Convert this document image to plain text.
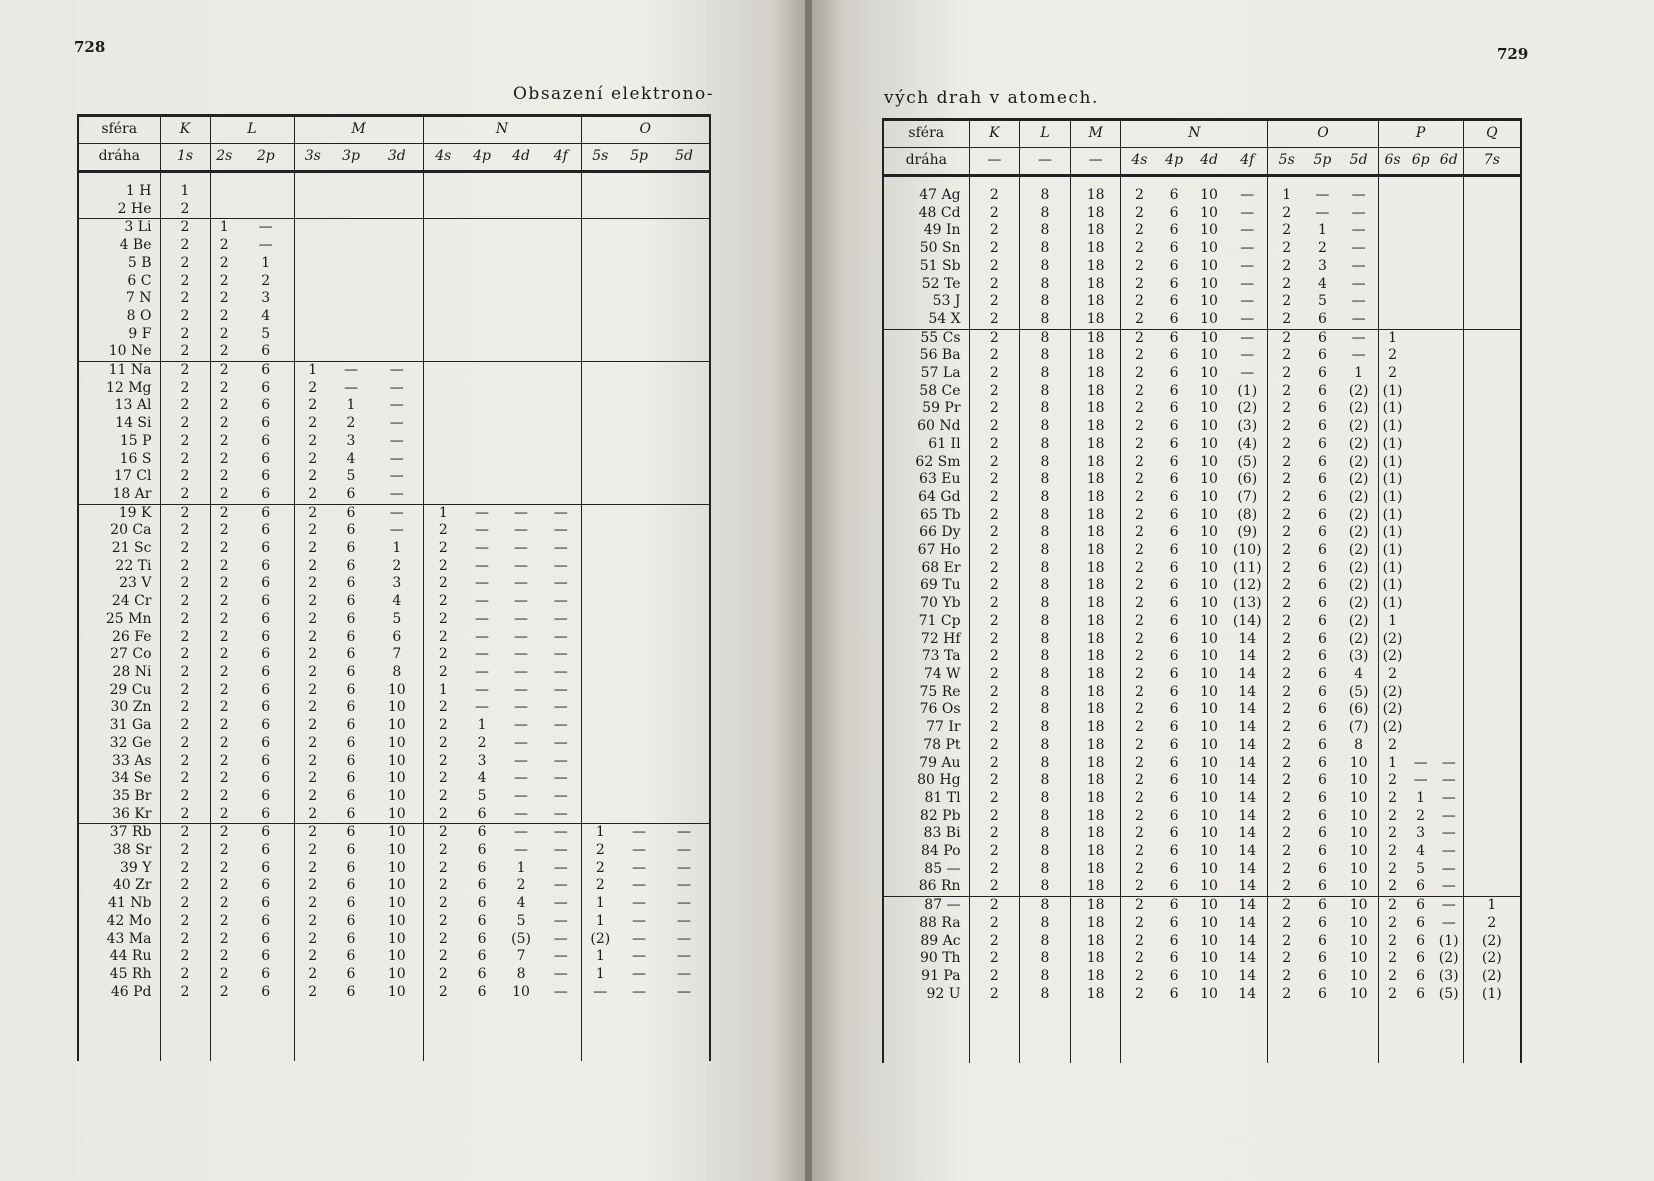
728
Obsazení elektrono-
sféra	K	L		M			N				O		
dráha	1s	2s	2p	3s	3p	3d	4s	4p	4d	4f	5s	5p	5d

1 H	1												
2 He	2												
3 Li	2	1	—										
4 Be	2	2	—										
5 B	2	2	1										
6 C	2	2	2										
7 N	2	2	3										
8 O	2	2	4										
9 F	2	2	5										
10 Ne	2	2	6										
11 Na	2	2	6	1	—	—							
12 Mg	2	2	6	2	—	—							
13 Al	2	2	6	2	1	—							
14 Si	2	2	6	2	2	—							
15 P	2	2	6	2	3	—							
16 S	2	2	6	2	4	—							
17 Cl	2	2	6	2	5	—							
18 Ar	2	2	6	2	6	—							
19 K	2	2	6	2	6	—	1	—	—	—			
20 Ca	2	2	6	2	6	—	2	—	—	—			
21 Sc	2	2	6	2	6	1	2	—	—	—			
22 Ti	2	2	6	2	6	2	2	—	—	—			
23 V	2	2	6	2	6	3	2	—	—	—			
24 Cr	2	2	6	2	6	4	2	—	—	—			
25 Mn	2	2	6	2	6	5	2	—	—	—			
26 Fe	2	2	6	2	6	6	2	—	—	—			
27 Co	2	2	6	2	6	7	2	—	—	—			
28 Ni	2	2	6	2	6	8	2	—	—	—			
29 Cu	2	2	6	2	6	10	1	—	—	—			
30 Zn	2	2	6	2	6	10	2	—	—	—			
31 Ga	2	2	6	2	6	10	2	1	—	—			
32 Ge	2	2	6	2	6	10	2	2	—	—			
33 As	2	2	6	2	6	10	2	3	—	—			
34 Se	2	2	6	2	6	10	2	4	—	—			
35 Br	2	2	6	2	6	10	2	5	—	—			
36 Kr	2	2	6	2	6	10	2	6	—	—			
37 Rb	2	2	6	2	6	10	2	6	—	—	1	—	—
38 Sr	2	2	6	2	6	10	2	6	—	—	2	—	—
39 Y	2	2	6	2	6	10	2	6	1	—	2	—	—
40 Zr	2	2	6	2	6	10	2	6	2	—	2	—	—
41 Nb	2	2	6	2	6	10	2	6	4	—	1	—	—
42 Mo	2	2	6	2	6	10	2	6	5	—	1	—	—
43 Ma	2	2	6	2	6	10	2	6	(5)	—	(2)	—	—
44 Ru	2	2	6	2	6	10	2	6	7	—	1	—	—
45 Rh	2	2	6	2	6	10	2	6	8	—	1	—	—
46 Pd	2	2	6	2	6	10	2	6	10	—	—	—	—

729
vých drah v atomech.
sféra	K	L	M	N				O			P			Q
dráha	—	—	—	4s	4p	4d	4f	5s	5p	5d	6s	6p	6d	7s

47 Ag	2	8	18	2	6	10	—	1	—	—				
48 Cd	2	8	18	2	6	10	—	2	—	—				
49 In	2	8	18	2	6	10	—	2	1	—				
50 Sn	2	8	18	2	6	10	—	2	2	—				
51 Sb	2	8	18	2	6	10	—	2	3	—				
52 Te	2	8	18	2	6	10	—	2	4	—				
53 J	2	8	18	2	6	10	—	2	5	—				
54 X	2	8	18	2	6	10	—	2	6	—				
55 Cs	2	8	18	2	6	10	—	2	6	—	1			
56 Ba	2	8	18	2	6	10	—	2	6	—	2			
57 La	2	8	18	2	6	10	—	2	6	1	2			
58 Ce	2	8	18	2	6	10	(1)	2	6	(2)	(1)			
59 Pr	2	8	18	2	6	10	(2)	2	6	(2)	(1)			
60 Nd	2	8	18	2	6	10	(3)	2	6	(2)	(1)			
61 Il	2	8	18	2	6	10	(4)	2	6	(2)	(1)			
62 Sm	2	8	18	2	6	10	(5)	2	6	(2)	(1)			
63 Eu	2	8	18	2	6	10	(6)	2	6	(2)	(1)			
64 Gd	2	8	18	2	6	10	(7)	2	6	(2)	(1)			
65 Tb	2	8	18	2	6	10	(8)	2	6	(2)	(1)			
66 Dy	2	8	18	2	6	10	(9)	2	6	(2)	(1)			
67 Ho	2	8	18	2	6	10	(10)	2	6	(2)	(1)			
68 Er	2	8	18	2	6	10	(11)	2	6	(2)	(1)			
69 Tu	2	8	18	2	6	10	(12)	2	6	(2)	(1)			
70 Yb	2	8	18	2	6	10	(13)	2	6	(2)	(1)			
71 Cp	2	8	18	2	6	10	(14)	2	6	(2)	1			
72 Hf	2	8	18	2	6	10	14	2	6	(2)	(2)			
73 Ta	2	8	18	2	6	10	14	2	6	(3)	(2)			
74 W	2	8	18	2	6	10	14	2	6	4	2			
75 Re	2	8	18	2	6	10	14	2	6	(5)	(2)			
76 Os	2	8	18	2	6	10	14	2	6	(6)	(2)			
77 Ir	2	8	18	2	6	10	14	2	6	(7)	(2)			
78 Pt	2	8	18	2	6	10	14	2	6	8	2			
79 Au	2	8	18	2	6	10	14	2	6	10	1	—	—	
80 Hg	2	8	18	2	6	10	14	2	6	10	2	—	—	
81 Tl	2	8	18	2	6	10	14	2	6	10	2	1	—	
82 Pb	2	8	18	2	6	10	14	2	6	10	2	2	—	
83 Bi	2	8	18	2	6	10	14	2	6	10	2	3	—	
84 Po	2	8	18	2	6	10	14	2	6	10	2	4	—	
85 —	2	8	18	2	6	10	14	2	6	10	2	5	—	
86 Rn	2	8	18	2	6	10	14	2	6	10	2	6	—	
87 —	2	8	18	2	6	10	14	2	6	10	2	6	—	1
88 Ra	2	8	18	2	6	10	14	2	6	10	2	6	—	2
89 Ac	2	8	18	2	6	10	14	2	6	10	2	6	(1)	(2)
90 Th	2	8	18	2	6	10	14	2	6	10	2	6	(2)	(2)
91 Pa	2	8	18	2	6	10	14	2	6	10	2	6	(3)	(2)
92 U	2	8	18	2	6	10	14	2	6	10	2	6	(5)	(1)
